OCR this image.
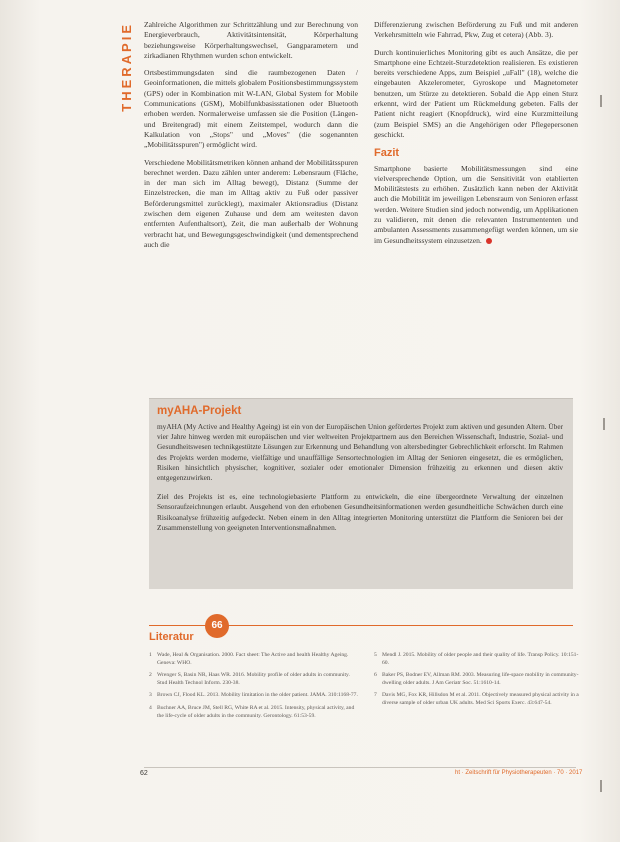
THERAPIE Zahlreiche Algorithmen zur Schrittzählung und zur Berechnung von Energieverbrauch, Aktivitätsintensität, Körperhaltung beziehungsweise Körperhaltungswechsel, Gangparametern und zirkadianen Rhythmen wurden schon entwickelt.

Ortsbestimmungsdaten sind die raumbezogenen Daten / Geoinformationen, die mittels globalem Positionsbestimmungssystem (GPS) oder in Kombination mit W-LAN, Global System for Mobile Communications (GSM), Mobilfunkbasisstationen oder Bluetooth erhoben werden. Normalerweise umfassen sie die Position (Längen- und Breitengrad) mit einem Zeitstempel, wodurch dann die Kalkulation von „Stops" und „Moves" (die sogenannten „Mobilitätsspuren") ermöglicht wird.

Verschiedene Mobilitätsmetriken können anhand der Mobilitätsspuren berechnet werden. Dazu zählen unter anderem: Lebensraum (Fläche, in der man sich im Alltag bewegt), Distanz (Summe der Einzelstrecken, die man im Alltag aktiv zu Fuß oder passiver Beförderungsmittel zurücklegt), maximaler Aktionsradius (Distanz zwischen dem eigenen Zuhause und dem am weitesten davon entfernten Aufenthaltsort), Zeit, die man außerhalb der Wohnung verbracht hat, und Bewegungsgeschwindigkeit (und dementsprechend auch die

Differenzierung zwischen Beförderung zu Fuß und mit anderen Verkehrsmitteln wie Fahrrad, Pkw, Zug et cetera) (Abb. 3).

Durch kontinuierliches Monitoring gibt es auch Ansätze, die per Smartphone eine Echtzeit-Sturzdetektion realisieren. Es existieren bereits verschiedene Apps, zum Beispiel „uFall" (18), welche die eingebauten Akzelerometer, Gyroskope und Magnetometer benutzen, um Stürze zu detektieren. Sobald die App einen Sturz erkennt, wird der Patient um Rückmeldung gebeten. Falls der Patient nicht reagiert (Knopfdruck), wird eine Kurzmitteilung (zum Beispiel SMS) an die Angehörigen oder Pflegepersonen geschickt.

Fazit

Smartphone basierte Mobilitätsmessungen sind eine vielversprechende Option, um die Sensitivität von etablierten Mobilitätstests zu erhöhen. Zusätzlich kann neben der Aktivität auch die Mobilität im jeweiligen Lebensraum von Senioren erfasst werden. Weitere Studien sind jedoch notwendig, um Applikationen zu validieren, mit denen die relevanten Instrumententen und ambulanten Assessments zusammengefügt werden können, um sie im Gesundheitssystem einzusetzen.

myAHA-Projekt

myAHA (My Active and Healthy Ageing) ist ein von der Europäischen Union gefördertes Projekt zum aktiven und gesunden Altern. Über vier Jahre hinweg werden mit europäischen und vier weltweiten Projektpartnern aus den Bereichen Wissenschaft, Industrie, Sozial- und Gesundheitswesen technikgestützte Lösungen zur Erkennung und Behandlung von altersbedingter Gebrechlichkeit erforscht. Im Rahmen des Projekts werden moderne, vielfältige und unauffällige Sensortechnologien im Alltag der Senioren eingesetzt, die es ermöglichen, Risiken hinsichtlich physischer, kognitiver, sozialer oder emotionaler Dimension frühzeitig zu erkennen und diesen aktiv entgegenzuwirken.

Ziel des Projekts ist es, eine technologiebasierte Plattform zu entwickeln, die eine übergeordnete Verwaltung der einzelnen Sensoraufzeichnungen erlaubt. Ausgehend von den erhobenen Gesundheitsinformationen werden gesundheitliche Schwächen durch eine Risikoanalyse frühzeitig aufgedeckt. Neben einem in den Alltag integrierten Monitoring unterstützt die Plattform die Senioren bei der Zusammenstellung von geeigneten Interventionsmaßnahmen.

66
Literatur
1 Wade, Heal & Organisation. 2000. Fact sheet: The Active and health Healthy Ageing. Geneva: WHO.
2 Wrenger S, Basin NR, Haas WR. 2016. Mobility profile of older adults in community. Stud Health Technol Inform. 230-38.
3 Brown CJ, Flood KL. 2013. Mobility limitation in the older patient. JAMA. 310:1168-77.
4 Buchner AA, Bruce JM, Stell RG, White RA et al. 2015. Intensity, physical activity, and the life-cycle of older adults in the community. Gerontology. 61:53-59.
5 Mendl J. 2015. Mobility of older people and their quality of life. Transp Policy. 10:151-60.
6 Baker PS, Bodner EV, Allman RM. 2003. Measuring life-space mobility in community-dwelling older adults. J Am Geriatr Soc. 51:1610-14.
7 Davis MG, Fox KR, Hillsdon M et al. 2011. Objectively measured physical activity in a diverse sample of older urban UK adults. Med Sci Sports Exerc. 43:647-54.
62	ht · Zeitschrift für Physiotherapeuten · 70 · 2017
